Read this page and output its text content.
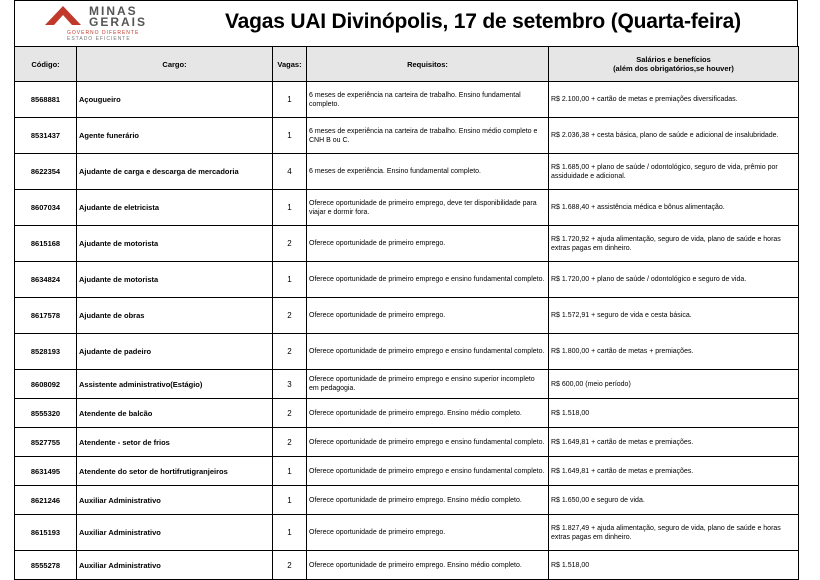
MINAS
GERAIS
GOVERNO DIFERENTE
ESTADO EFICIENTE
Vagas UAI Divinópolis, 17 de setembro (Quarta-feira)
Código:	Cargo:	Vagas:	Requisitos:	Salários e benefícios
(além dos obrigatórios,se houver)

8568881	Açougueiro	1	6 meses de experiência na carteira de trabalho. Ensino fundamental completo.	R$ 2.100,00 + cartão de metas e premiações diversificadas.
8531437	Agente funerário	1	6 meses de experiência na carteira de trabalho. Ensino médio completo e CNH B ou C.	R$ 2.036,38 + cesta básica, plano de saúde e adicional de insalubridade.
8622354	Ajudante de carga e descarga de mercadoria	4	6 meses de experiência. Ensino fundamental completo.	R$ 1.685,00 + plano de saúde / odontológico, seguro de vida, prêmio por assiduidade e adicional.
8607034	Ajudante de eletricista	1	Oferece oportunidade de primeiro emprego, deve ter disponibilidade para viajar e dormir fora.	R$ 1.688,40 + assistência médica e bônus alimentação.
8615168	Ajudante de motorista	2	Oferece oportunidade de primeiro emprego.	R$ 1.720,92 + ajuda alimentação, seguro de vida, plano de saúde e horas extras pagas em dinheiro.
8634824	Ajudante de motorista	1	Oferece oportunidade de primeiro emprego e ensino fundamental completo.	R$ 1.720,00 + plano de saúde / odontológico e seguro de vida.
8617578	Ajudante de obras	2	Oferece oportunidade de primeiro emprego.	R$ 1.572,91 + seguro de vida e cesta básica.
8528193	Ajudante de padeiro	2	Oferece oportunidade de primeiro emprego e ensino fundamental completo.	R$ 1.800,00 + cartão de metas + premiações.
8608092	Assistente administrativo(Estágio)	3	Oferece oportunidade de primeiro emprego e ensino superior incompleto em pedagogia.	R$ 600,00 (meio período)
8555320	Atendente de balcão	2	Oferece oportunidade de primeiro emprego. Ensino médio completo.	R$ 1.518,00
8527755	Atendente - setor de frios	2	Oferece oportunidade de primeiro emprego e ensino fundamental completo.	R$ 1.649,81 + cartão de metas e premiações.
8631495	Atendente do setor de hortifrutigranjeiros	1	Oferece oportunidade de primeiro emprego e ensino fundamental completo.	R$ 1.649,81 + cartão de metas e premiações.
8621246	Auxiliar Administrativo	1	Oferece oportunidade de primeiro emprego. Ensino médio completo.	R$ 1.650,00 e seguro de vida.
8615193	Auxiliar Administrativo	1	Oferece oportunidade de primeiro emprego.	R$ 1.827,49 + ajuda alimentação, seguro de vida, plano de saúde e horas extras pagas em dinheiro.
8555278	Auxiliar Administrativo	2	Oferece oportunidade de primeiro emprego. Ensino médio completo.	R$ 1.518,00
